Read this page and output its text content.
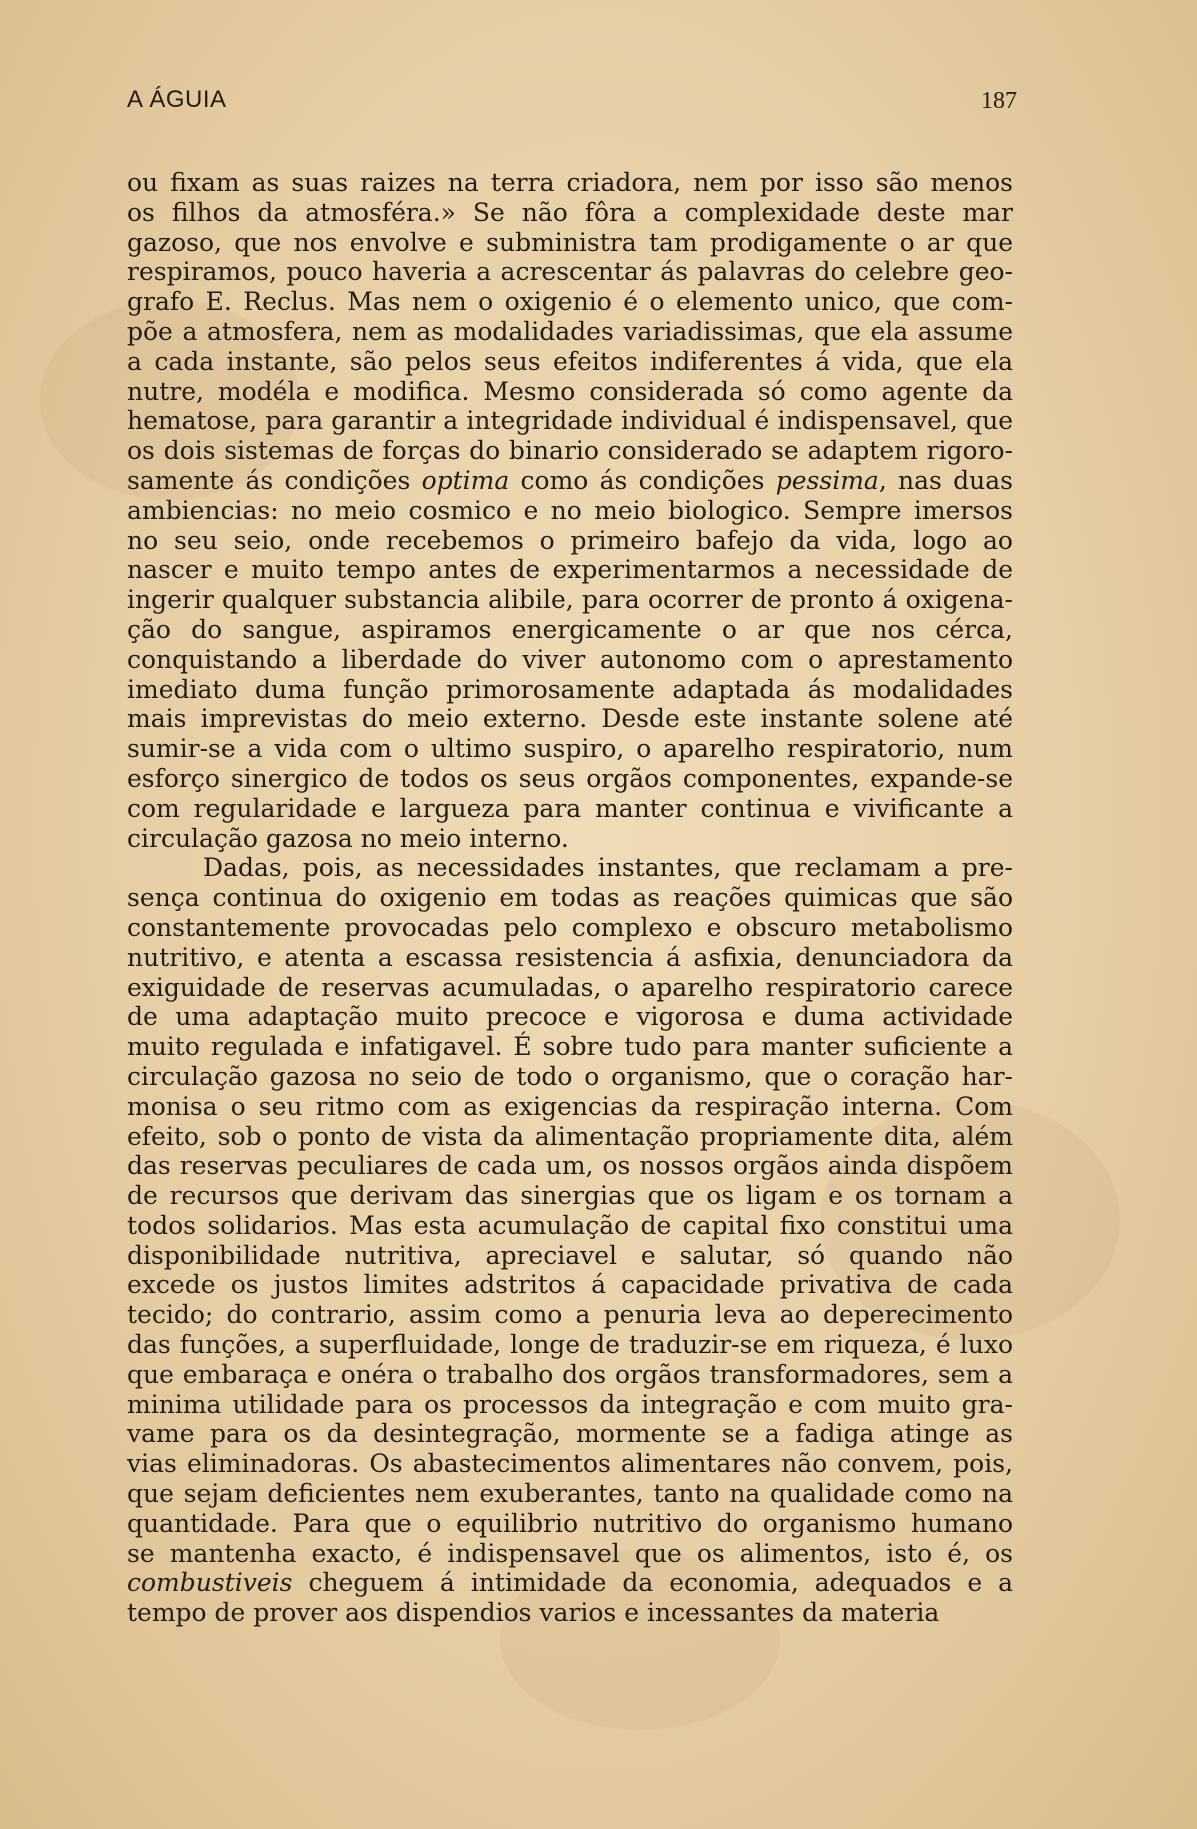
A ÁGUIA	187
ou fixam as suas raizes na terra criadora, nem por isso são menos
os filhos da atmosféra.» Se não fôra a complexidade deste mar
gazoso, que nos envolve e subministra tam prodigamente o ar que
respiramos, pouco haveria a acrescentar ás palavras do celebre geo-
grafo E. Reclus. Mas nem o oxigenio é o elemento unico, que com-
põe a atmosfera, nem as modalidades variadissimas, que ela assume
a cada instante, são pelos seus efeitos indiferentes á vida, que ela
nutre, modéla e modifica. Mesmo considerada só como agente da
hematose, para garantir a integridade individual é indispensavel, que
os dois sistemas de forças do binario considerado se adaptem rigoro-
samente ás condições optima como ás condições pessima, nas duas
ambiencias: no meio cosmico e no meio biologico. Sempre imersos
no seu seio, onde recebemos o primeiro bafejo da vida, logo ao
nascer e muito tempo antes de experimentarmos a necessidade de
ingerir qualquer substancia alibile, para ocorrer de pronto á oxigena-
ção do sangue, aspiramos energicamente o ar que nos cérca,
conquistando a liberdade do viver autonomo com o aprestamento
imediato duma função primorosamente adaptada ás modalidades
mais imprevistas do meio externo. Desde este instante solene até
sumir-se a vida com o ultimo suspiro, o aparelho respiratorio, num
esforço sinergico de todos os seus orgãos componentes, expande-se
com regularidade e largueza para manter continua e vivificante a
circulação gazosa no meio interno.
Dadas, pois, as necessidades instantes, que reclamam a pre-
sença continua do oxigenio em todas as reações quimicas que são
constantemente provocadas pelo complexo e obscuro metabolismo
nutritivo, e atenta a escassa resistencia á asfixia, denunciadora da
exiguidade de reservas acumuladas, o aparelho respiratorio carece
de uma adaptação muito precoce e vigorosa e duma actividade
muito regulada e infatigavel. É sobre tudo para manter suficiente a
circulação gazosa no seio de todo o organismo, que o coração har-
monisa o seu ritmo com as exigencias da respiração interna. Com
efeito, sob o ponto de vista da alimentação propriamente dita, além
das reservas peculiares de cada um, os nossos orgãos ainda dispõem
de recursos que derivam das sinergias que os ligam e os tornam a
todos solidarios. Mas esta acumulação de capital fixo constitui uma
disponibilidade nutritiva, apreciavel e salutar, só quando não
excede os justos limites adstritos á capacidade privativa de cada
tecido; do contrario, assim como a penuria leva ao deperecimento
das funções, a superfluidade, longe de traduzir-se em riqueza, é luxo
que embaraça e onéra o trabalho dos orgãos transformadores, sem a
minima utilidade para os processos da integração e com muito gra-
vame para os da desintegração, mormente se a fadiga atinge as
vias eliminadoras. Os abastecimentos alimentares não convem, pois,
que sejam deficientes nem exuberantes, tanto na qualidade como na
quantidade. Para que o equilibrio nutritivo do organismo humano
se mantenha exacto, é indispensavel que os alimentos, isto é, os
combustiveis cheguem á intimidade da economia, adequados e a
tempo de prover aos dispendios varios e incessantes da materia
